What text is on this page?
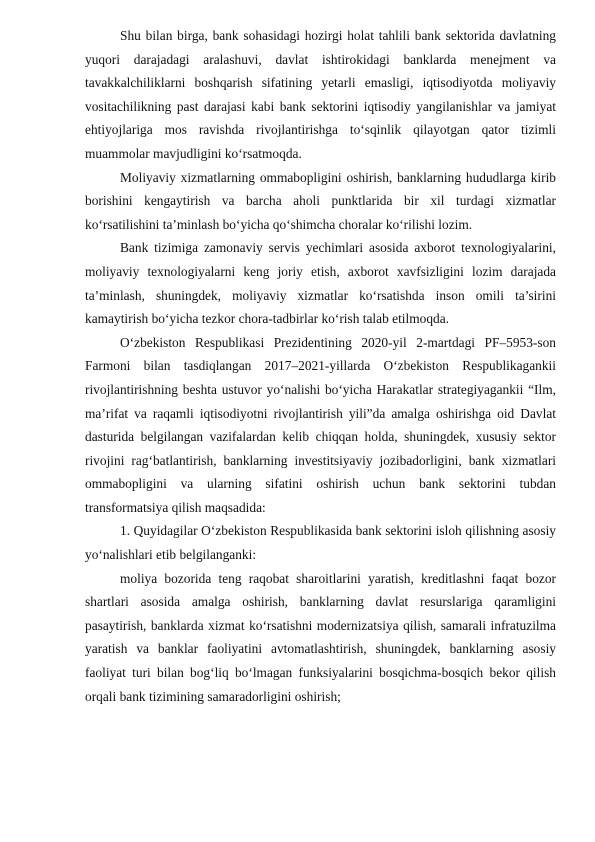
Shu bilan birga, bank sohasidagi hozirgi holat tahlili bank sektorida davlatning yuqori darajadagi aralashuvi, davlat ishtirokidagi banklarda menejment va tavakkalchiliklarni boshqarish sifatining yetarli emasligi, iqtisodiyotda moliyaviy vositachilikning past darajasi kabi bank sektorini iqtisodiy yangilanishlar va jamiyat ehtiyojlariga mos ravishda rivojlantirishga toʻsqinlik qilayotgan qator tizimli muammolar mavjudligini koʻrsatmoqda.

Moliyaviy xizmatlarning ommabopligini oshirish, banklarning hududlarga kirib borishini kengaytirish va barcha aholi punktlarida bir xil turdagi xizmatlar koʻrsatilishini taʼminlash boʻyicha qoʻshimcha choralar koʻrilishi lozim.

Bank tizimiga zamonaviy servis yechimlari asosida axborot texnologiyalarini, moliyaviy texnologiyalarni keng joriy etish, axborot xavfsizligini lozim darajada taʼminlash, shuningdek, moliyaviy xizmatlar koʻrsatishda inson omili ta’sirini kamaytirish boʻyicha tezkor chora-tadbirlar koʻrish talab etilmoqda.

Oʻzbekiston Respublikasi Prezidentining 2020-yil 2-martdagi PF–5953-son Farmoni bilan tasdiqlangan 2017–2021-yillarda Oʻzbekiston Respublikagankii rivojlantirishning beshta ustuvor yoʻnalishi boʻyicha Harakatlar strategiyagankii “Ilm, maʼrifat va raqamli iqtisodiyotni rivojlantirish yili”da amalga oshirishga oid Davlat dasturida belgilangan vazifalardan kelib chiqqan holda, shuningdek, xususiy sektor rivojini ragʻbatlantirish, banklarning investitsiyaviy jozibadorligini, bank xizmatlari ommabopligini va ularning sifatini oshirish uchun bank sektorini tubdan transformatsiya qilish maqsadida:

1. Quyidagilar Oʻzbekiston Respublikasida bank sektorini isloh qilishning asosiy yoʻnalishlari etib belgilanganki:

moliya bozorida teng raqobat sharoitlarini yaratish, kreditlashni faqat bozor shartlari asosida amalga oshirish, banklarning davlat resurslariga qaramligini pasaytirish, banklarda xizmat koʻrsatishni modernizatsiya qilish, samarali infratuzilma yaratish va banklar faoliyatini avtomatlashtirish, shuningdek, banklarning asosiy faoliyat turi bilan bogʻliq boʻlmagan funksiyalarini bosqichma-bosqich bekor qilish orqali bank tizimining samaradorligini oshirish;
